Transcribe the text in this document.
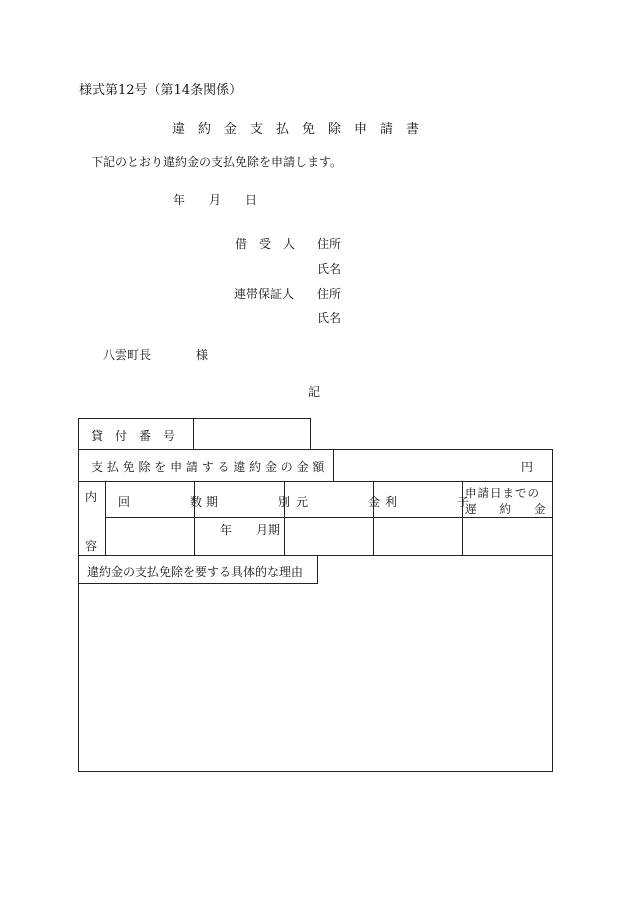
様式第12号（第14条関係）
違　約　金　支　払　免　除　申　請　書
下記のとおり違約金の支払免除を申請します。
年　　月　　日
借　受　人 住所
氏名
連帯保証人 住所
氏名
八雲町長	様
記
貸　付　番　号
支 払 免 除 を 申 請 す る 違 約 金 の 金 額	円
内
容
回　　　　　数 期　　　　　別 元　　　　　金 利　　　　　子
申請日までの
遅　　約　　金
年　　月期
違約金の支払免除を要する具体的な理由
